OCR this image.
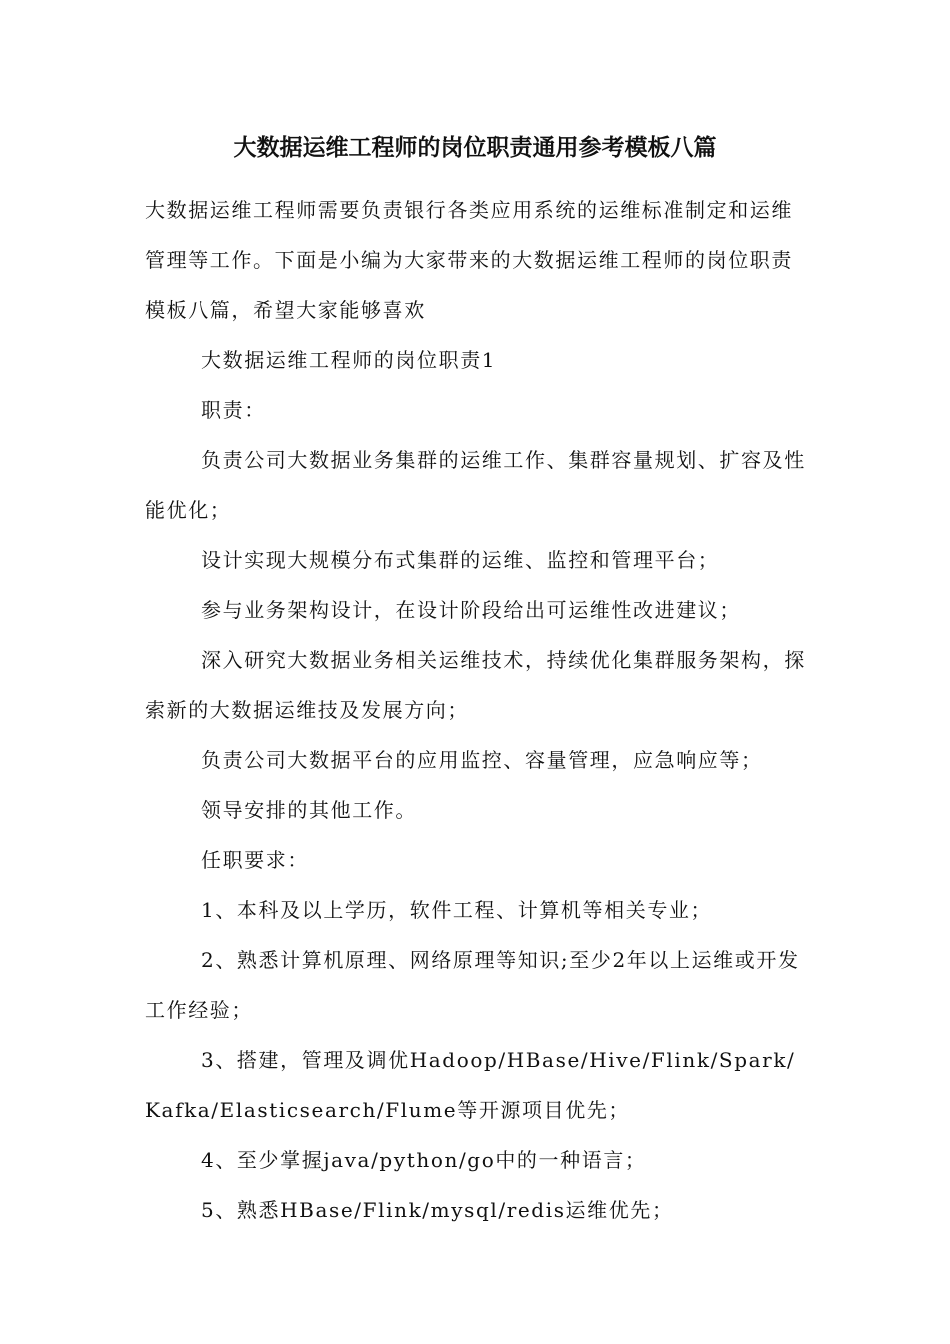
大数据运维工程师的岗位职责通用参考模板八篇

大数据运维工程师需要负责银行各类应用系统的运维标准制定和运维管理等工作。下面是小编为大家带来的大数据运维工程师的岗位职责模板八篇，希望大家能够喜欢

大数据运维工程师的岗位职责1

职责：

负责公司大数据业务集群的运维工作、集群容量规划、扩容及性能优化；

设计实现大规模分布式集群的运维、监控和管理平台；

参与业务架构设计，在设计阶段给出可运维性改进建议；

深入研究大数据业务相关运维技术，持续优化集群服务架构，探索新的大数据运维技及发展方向；

负责公司大数据平台的应用监控、容量管理，应急响应等；

领导安排的其他工作。

任职要求：

1、本科及以上学历，软件工程、计算机等相关专业；

2、熟悉计算机原理、网络原理等知识;至少2年以上运维或开发工作经验；

3、搭建，管理及调优Hadoop/HBase/Hive/Flink/Spark/Kafka/Elasticsearch/Flume等开源项目优先；

4、至少掌握java/python/go中的一种语言；

5、熟悉HBase/Flink/mysql/redis运维优先；
